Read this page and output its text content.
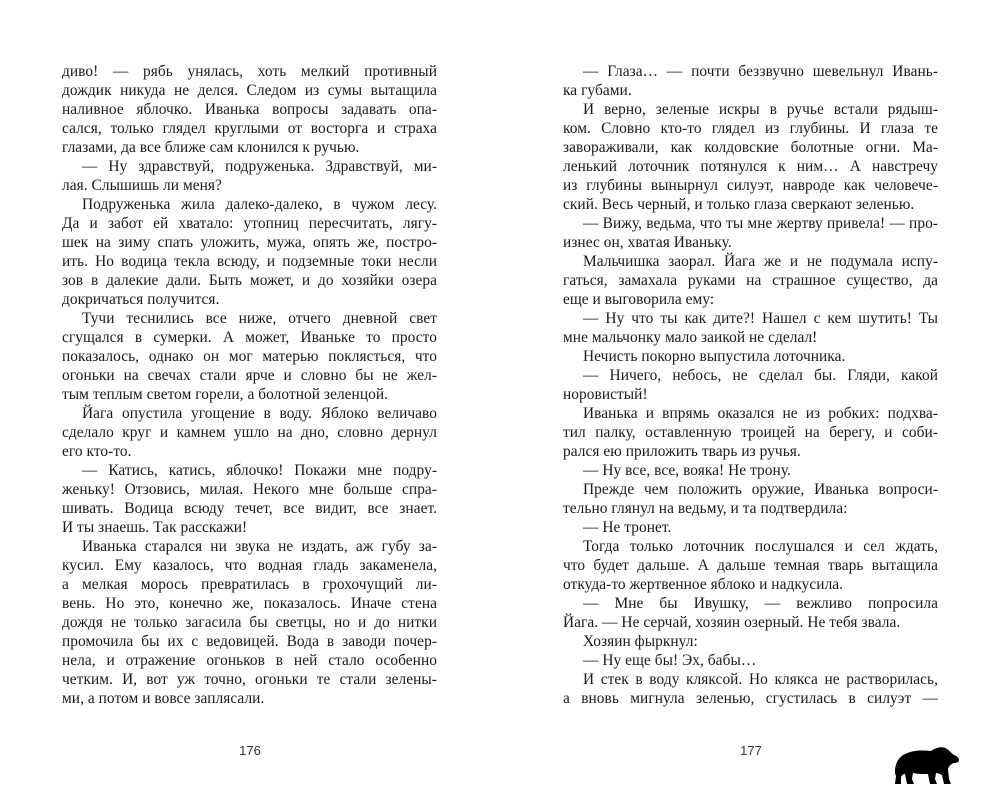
диво! — рябь унялась, хоть мелкий противный
дождик никуда не делся. Следом из сумы вытащила
наливное яблочко. Иванька вопросы задавать опа-
сался, только глядел круглыми от восторга и страха
глазами, да все ближе сам клонился к ручью.
— Ну здравствуй, подруженька. Здравствуй, ми-
лая. Слышишь ли меня?
Подруженька жила далеко-далеко, в чужом лесу.
Да и забот ей хватало: утопниц пересчитать, лягу-
шек на зиму спать уложить, мужа, опять же, постро-
ить. Но водица текла всюду, и подземные токи несли
зов в далекие дали. Быть может, и до хозяйки озера
докричаться получится.
Тучи теснились все ниже, отчего дневной свет
сгущался в сумерки. А может, Иваньке то просто
показалось, однако он мог матерью поклясться, что
огоньки на свечах стали ярче и словно бы не жел-
тым теплым светом горели, а болотной зеленцой.
Йага опустила угощение в воду. Яблоко величаво
сделало круг и камнем ушло на дно, словно дернул
его кто-то.
— Катись, катись, яблочко! Покажи мне подру-
женьку! Отзовись, милая. Некого мне больше спра-
шивать. Водица всюду течет, все видит, все знает.
И ты знаешь. Так расскажи!
Иванька старался ни звука не издать, аж губу за-
кусил. Ему казалось, что водная гладь закаменела,
а мелкая морось превратилась в грохочущий ли-
вень. Но это, конечно же, показалось. Иначе стена
дождя не только загасила бы светцы, но и до нитки
промочила бы их с ведовицей. Вода в заводи почер-
нела, и отражение огоньков в ней стало особенно
четким. И, вот уж точно, огоньки те стали зелены-
ми, а потом и вовсе заплясали.
176
— Глаза… — почти беззвучно шевельнул Ивань-
ка губами.
И верно, зеленые искры в ручье встали рядыш-
ком. Словно кто-то глядел из глубины. И глаза те
завораживали, как колдовские болотные огни. Ма-
ленький лоточник потянулся к ним… А навстречу
из глубины вынырнул силуэт, навроде как человече-
ский. Весь черный, и только глаза сверкают зеленью.
— Вижу, ведьма, что ты мне жертву привела! — про-
изнес он, хватая Иваньку.
Мальчишка заорал. Йага же и не подумала испу-
гаться, замахала руками на страшное существо, да
еще и выговорила ему:
— Ну что ты как дите?! Нашел с кем шутить! Ты
мне мальчонку мало заикой не сделал!
Нечисть покорно выпустила лоточника.
— Ничего, небось, не сделал бы. Гляди, какой
норовистый!
Иванька и впрямь оказался не из робких: подхва-
тил палку, оставленную троицей на берегу, и соби-
рался ею приложить тварь из ручья.
— Ну все, все, вояка! Не трону.
Прежде чем положить оружие, Иванька вопроси-
тельно глянул на ведьму, и та подтвердила:
— Не тронет.
Тогда только лоточник послушался и сел ждать,
что будет дальше. А дальше темная тварь вытащила
откуда-то жертвенное яблоко и надкусила.
— Мне бы Ивушку, — вежливо попросила
Йага. — Не серчай, хозяин озерный. Не тебя звала.
Хозяин фыркнул:
— Ну еще бы! Эх, бабы…
И стек в воду кляксой. Но клякса не растворилась,
а вновь мигнула зеленью, сгустилась в силуэт —
177
